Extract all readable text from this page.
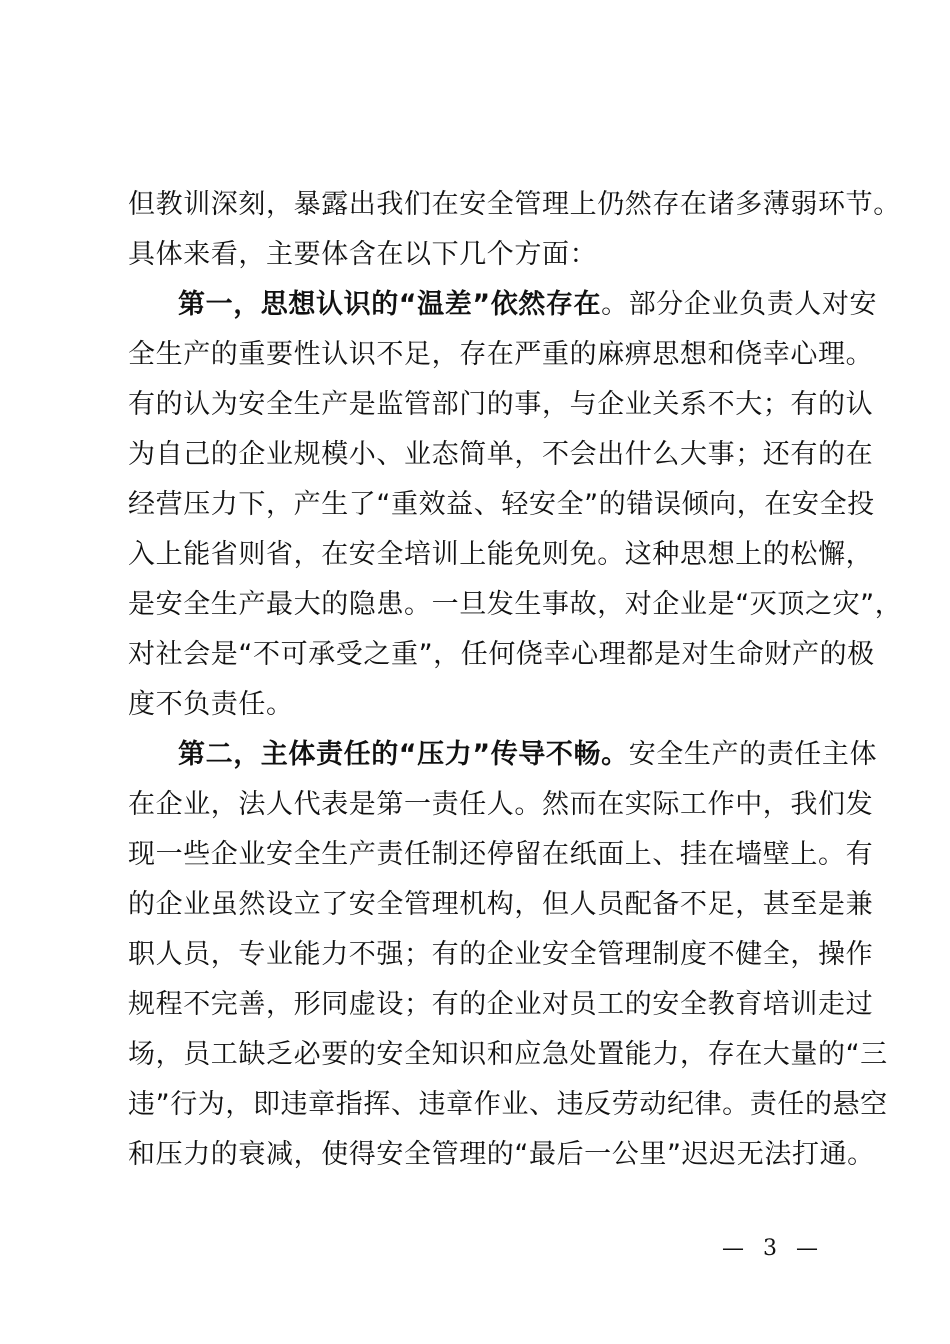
但教训深刻，暴露出我们在安全管理上仍然存在诸多薄弱环节。
具体来看，主要体含在以下几个方面：
第一，思想认识的“温差”依然存在。部分企业负责人对安
全生产的重要性认识不足，存在严重的麻痹思想和侥幸心理。
有的认为安全生产是监管部门的事，与企业关系不大；有的认
为自己的企业规模小、业态简单，不会出什么大事；还有的在
经营压力下，产生了“重效益、轻安全”的错误倾向，在安全投
入上能省则省，在安全培训上能免则免。这种思想上的松懈，
是安全生产最大的隐患。一旦发生事故，对企业是“灭顶之灾”，
对社会是“不可承受之重”，任何侥幸心理都是对生命财产的极
度不负责任。
第二，主体责任的“压力”传导不畅。安全生产的责任主体
在企业，法人代表是第一责任人。然而在实际工作中，我们发
现一些企业安全生产责任制还停留在纸面上、挂在墙壁上。有
的企业虽然设立了安全管理机构，但人员配备不足，甚至是兼
职人员，专业能力不强；有的企业安全管理制度不健全，操作
规程不完善，形同虚设；有的企业对员工的安全教育培训走过
场，员工缺乏必要的安全知识和应急处置能力，存在大量的“三
违”行为，即违章指挥、违章作业、违反劳动纪律。责任的悬空
和压力的衰减，使得安全管理的“最后一公里”迟迟无法打通。
— 3 —
